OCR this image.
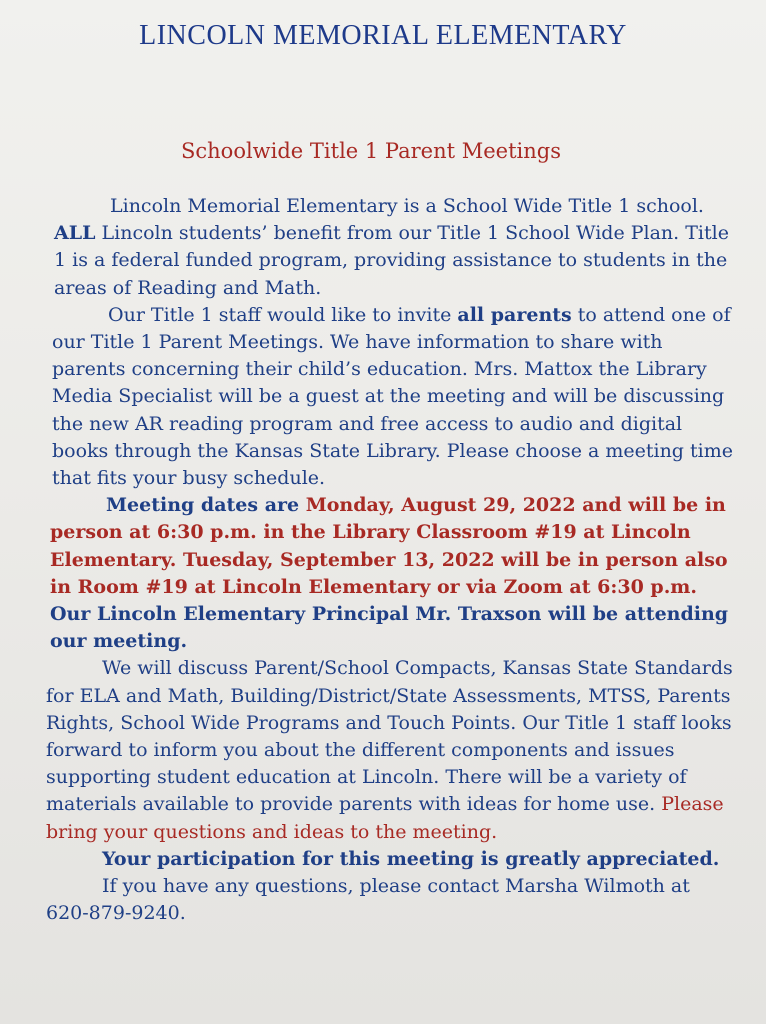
LINCOLN MEMORIAL ELEMENTARY
Schoolwide Title 1 Parent Meetings

Lincoln Memorial Elementary is a School Wide Title 1 school. ALL Lincoln students’ benefit from our Title 1 School Wide Plan. Title 1 is a federal funded program, providing assistance to students in the areas of Reading and Math.

Our Title 1 staff would like to invite all parents to attend one of our Title 1 Parent Meetings. We have information to share with parents concerning their child’s education. Mrs. Mattox the Library Media Specialist will be a guest at the meeting and will be discussing the new AR reading program and free access to audio and digital books through the Kansas State Library. Please choose a meeting time that fits your busy schedule.

Meeting dates are Monday, August 29, 2022 and will be in person at 6:30 p.m. in the Library Classroom #19 at Lincoln Elementary. Tuesday, September 13, 2022 will be in person also in Room #19 at Lincoln Elementary or via Zoom at 6:30 p.m. Our Lincoln Elementary Principal Mr. Traxson will be attending our meeting.

We will discuss Parent/School Compacts, Kansas State Standards for ELA and Math, Building/District/State Assessments, MTSS, Parents Rights, School Wide Programs and Touch Points. Our Title 1 staff looks forward to inform you about the different components and issues supporting student education at Lincoln. There will be a variety of materials available to provide parents with ideas for home use. Please bring your questions and ideas to the meeting.

Your participation for this meeting is greatly appreciated.

If you have any questions, please contact Marsha Wilmoth at 620-879-9240.
